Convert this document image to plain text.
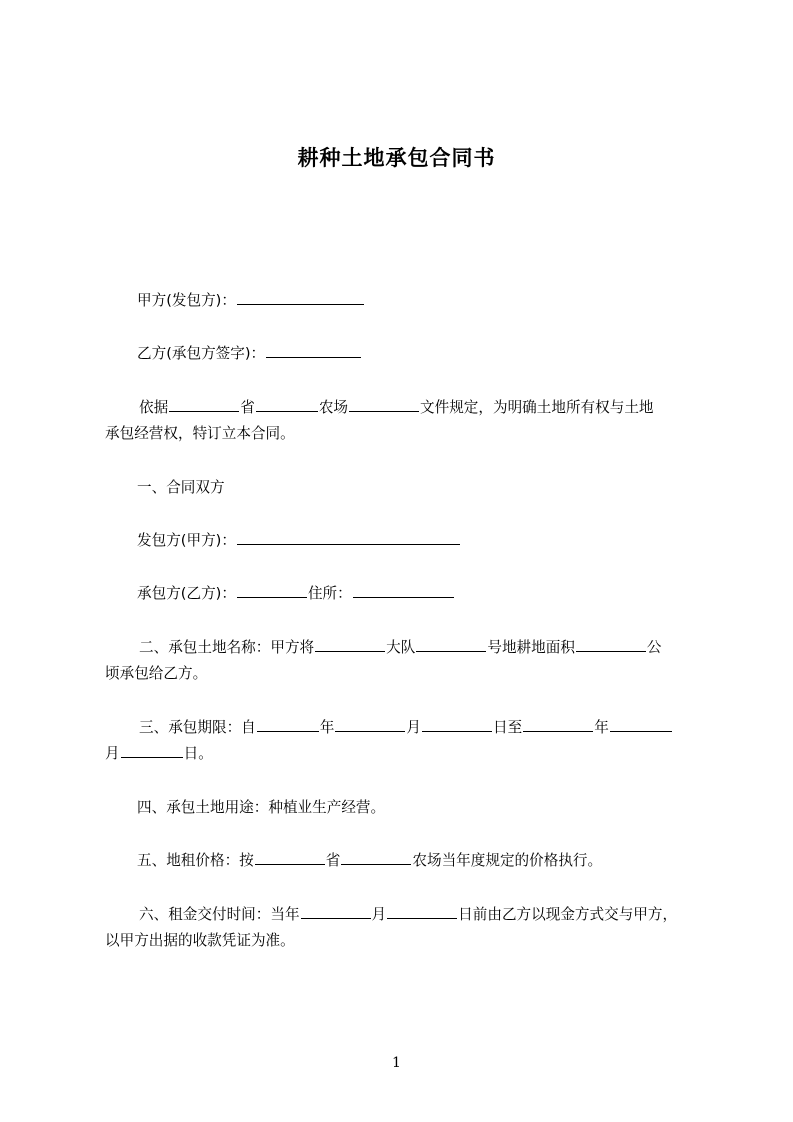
耕种土地承包合同书
甲方(发包方)：
乙方(承包方签字)：
依据	省	农场	文件规定，为明确土地所有权与土地
承包经营权，特订立本合同。
一、合同双方
发包方(甲方)：
承包方(乙方)：	住所：
二、承包土地名称：甲方将	大队	号地耕地面积	公
顷承包给乙方。
三、承包期限：自	年	月	日至	年
月	日。
四、承包土地用途：种植业生产经营。
五、地租价格：按	省	农场当年度规定的价格执行。
六、租金交付时间：当年	月	日前由乙方以现金方式交与甲方，
以甲方出据的收款凭证为准。
1
